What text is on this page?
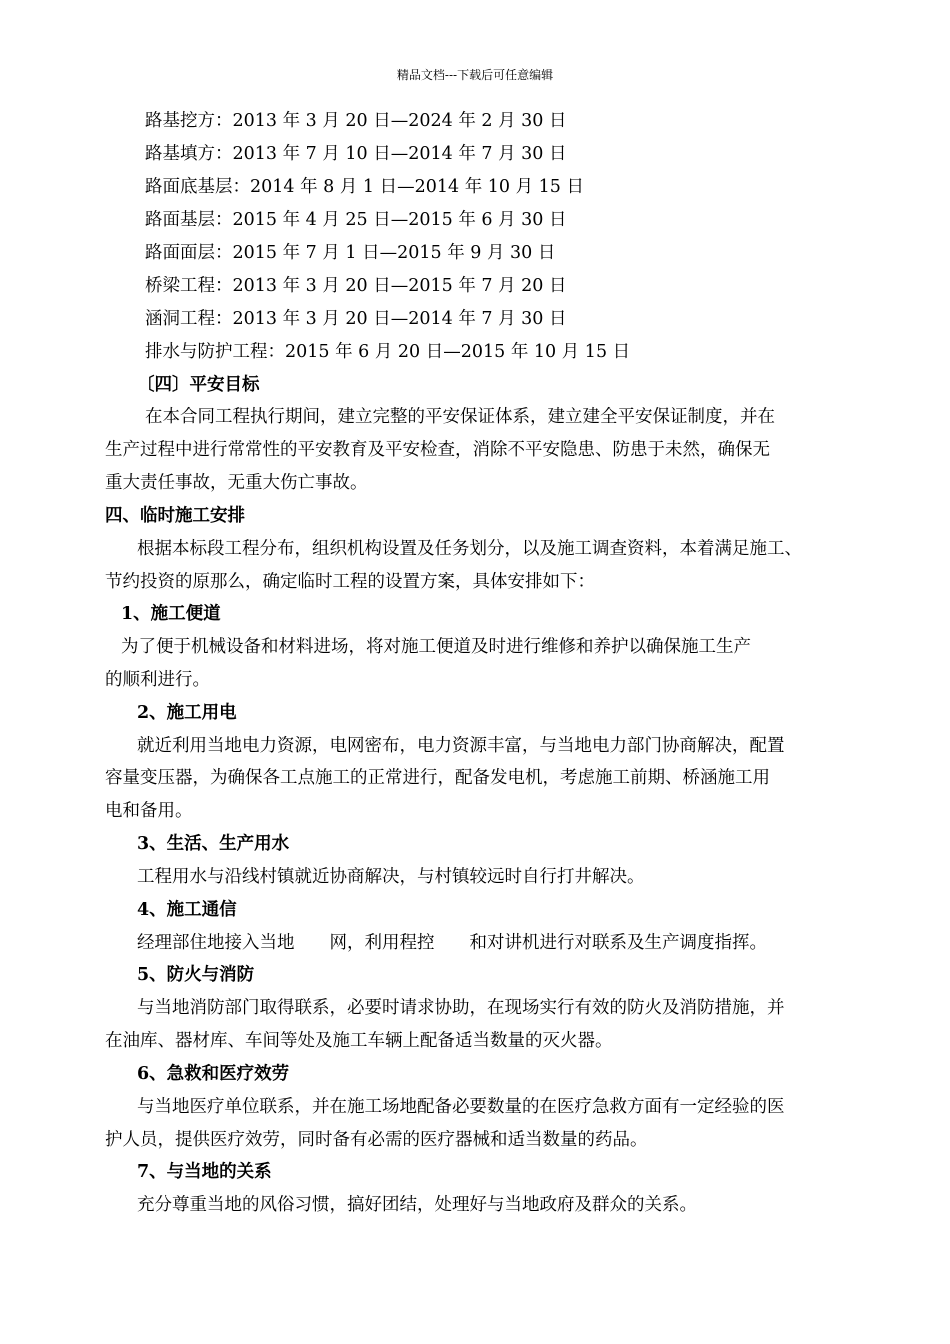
精品文档---下载后可任意编辑
路基挖方：2013 年 3 月 20 日—2024 年 2 月 30 日
路基填方：2013 年 7 月 10 日—2014 年 7 月 30 日
路面底基层：2014 年 8 月 1 日—2014 年 10 月 15 日
路面基层：2015 年 4 月 25 日—2015 年 6 月 30 日
路面面层：2015 年 7 月 1 日—2015 年 9 月 30 日
桥梁工程：2013 年 3 月 20 日—2015 年 7 月 20 日
涵洞工程：2013 年 3 月 20 日—2014 年 7 月 30 日
排水与防护工程：2015 年 6 月 20 日—2015 年 10 月 15 日
〔四〕平安目标
在本合同工程执行期间，建立完整的平安保证体系，建立建全平安保证制度，并在
生产过程中进行常常性的平安教育及平安检查，消除不平安隐患、防患于未然，确保无
重大责任事故，无重大伤亡事故。
四、临时施工安排
根据本标段工程分布，组织机构设置及任务划分，以及施工调查资料，本着满足施工、
节约投资的原那么，确定临时工程的设置方案，具体安排如下：
1、施工便道
为了便于机械设备和材料进场，将对施工便道及时进行维修和养护以确保施工生产
的顺利进行。
2、施工用电
就近利用当地电力资源，电网密布，电力资源丰富，与当地电力部门协商解决，配置
容量变压器，为确保各工点施工的正常进行，配备发电机，考虑施工前期、桥涵施工用
电和备用。
3、生活、生产用水
工程用水与沿线村镇就近协商解决，与村镇较远时自行打井解决。
4、施工通信
经理部住地接入当地　　网，利用程控　　和对讲机进行对联系及生产调度指挥。
5、防火与消防
与当地消防部门取得联系，必要时请求协助，在现场实行有效的防火及消防措施，并
在油库、器材库、车间等处及施工车辆上配备适当数量的灭火器。
6、急救和医疗效劳
与当地医疗单位联系，并在施工场地配备必要数量的在医疗急救方面有一定经验的医
护人员，提供医疗效劳，同时备有必需的医疗器械和适当数量的药品。
7、与当地的关系
充分尊重当地的风俗习惯，搞好团结，处理好与当地政府及群众的关系。
